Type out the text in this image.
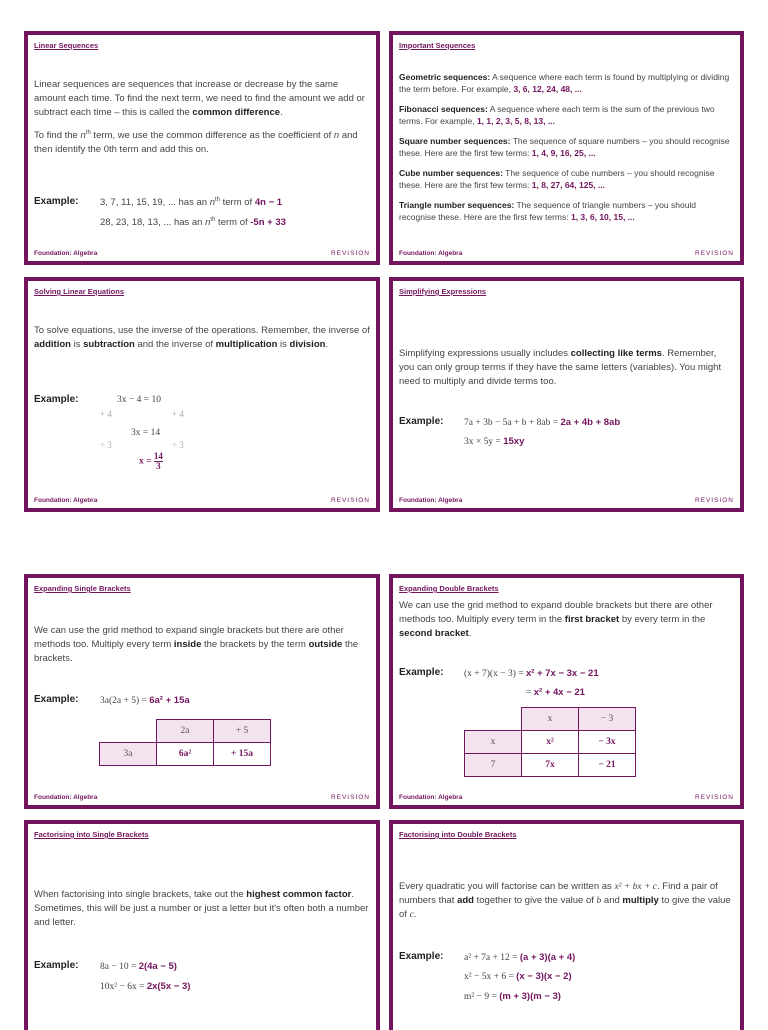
Linear Sequences

Linear sequences are sequences that increase or decrease by the same amount each time. To find the next term, we need to find the amount we add or subtract each time – this is called the common difference.

To find the $n^{th}$ term, we use the common difference as the coefficient of n and then identify the 0th term and add this on.

Example: 3, 7, 11, 15, 19, ... has an $n^{th}$ term of 4n − 1
28, 23, 18, 13, ... has an $n^{th}$ term of -5n + 33
Foundation: Algebra	REVISION
Important Sequences

Geometric sequences: A sequence where each term is found by multiplying or dividing the term before. For example, 3, 6, 12, 24, 48, ...

Fibonacci sequences: A sequence where each term is the sum of the previous two terms. For example, 1, 1, 2, 3, 5, 8, 13, ...

Square number sequences: The sequence of square numbers – you should recognise these. Here are the first few terms: 1, 4, 9, 16, 25, ...

Cube number sequences: The sequence of cube numbers – you should recognise these. Here are the first few terms: 1, 8, 27, 64, 125, ...

Triangle number sequences: The sequence of triangle numbers – you should recognise these. Here are the first few terms: 1, 3, 6, 10, 15, ...

Foundation: Algebra	REVISION
Solving Linear Equations

To solve equations, use the inverse of the operations. Remember, the inverse of addition is subtraction and the inverse of multiplication is division.

Example:	3x − 4 = 10
+ 4	+ 4
3x = 14
÷ 3	÷ 3
$x = \frac{14}{3}$
Foundation: Algebra	REVISION
Simplifying Expressions

Simplifying expressions usually includes collecting like terms. Remember, you can only group terms if they have the same letters (variables). You might need to multiply and divide terms too.

Example: 7a + 3b − 5a + b + 8ab = 2a + 4b + 8ab
3x × 5y = 15xy
Foundation: Algebra	REVISION
Expanding Single Brackets

We can use the grid method to expand single brackets but there are other methods too. Multiply every term inside the brackets by the term outside the brackets.

Example: 3a(2a + 5) = 6a² + 15a
	2a	+ 5
3a	6a²	+ 15a
Foundation: Algebra	REVISION
Expanding Double Brackets

We can use the grid method to expand double brackets but there are other methods too. Multiply every term in the first bracket by every term in the second bracket.

Example: (x + 7)(x − 3) = x² + 7x − 3x − 21
= x² + 4x − 21
	x	− 3
x	x²	− 3x
7	7x	− 21
Foundation: Algebra	REVISION
Factorising into Single Brackets

When factorising into single brackets, take out the highest common factor. Sometimes, this will be just a number or just a letter but it's often both a number and letter.

Example: 8a − 10 = 2(4a − 5)
10x² − 6x = 2x(5x − 3)
Factorising into Double Brackets

Every quadratic you will factorise can be written as x² + bx + c. Find a pair of numbers that add together to give the value of b and multiply to give the value of c.

Example: a² + 7a + 12 = (a + 3)(a + 4)
x² − 5x + 6 = (x − 3)(x − 2)
m² − 9 = (m + 3)(m − 3)
